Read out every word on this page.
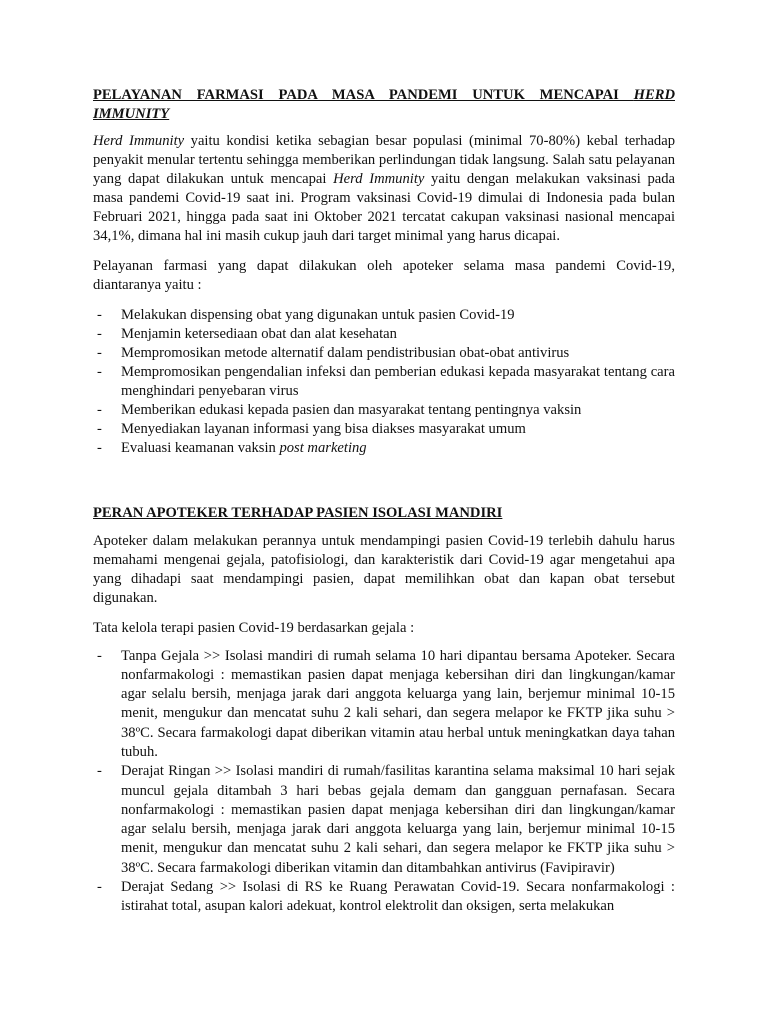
PELAYANAN FARMASI PADA MASA PANDEMI UNTUK MENCAPAI HERD IMMUNITY

Herd Immunity yaitu kondisi ketika sebagian besar populasi (minimal 70-80%) kebal terhadap penyakit menular tertentu sehingga memberikan perlindungan tidak langsung. Salah satu pelayanan yang dapat dilakukan untuk mencapai Herd Immunity yaitu dengan melakukan vaksinasi pada masa pandemi Covid-19 saat ini. Program vaksinasi Covid-19 dimulai di Indonesia pada bulan Februari 2021, hingga pada saat ini Oktober 2021 tercatat cakupan vaksinasi nasional mencapai 34,1%, dimana hal ini masih cukup jauh dari target minimal yang harus dicapai.

Pelayanan farmasi yang dapat dilakukan oleh apoteker selama masa pandemi Covid-19, diantaranya yaitu :

- Melakukan dispensing obat yang digunakan untuk pasien Covid-19
- Menjamin ketersediaan obat dan alat kesehatan
- Mempromosikan metode alternatif dalam pendistribusian obat-obat antivirus
- Mempromosikan pengendalian infeksi dan pemberian edukasi kepada masyarakat tentang cara menghindari penyebaran virus
- Memberikan edukasi kepada pasien dan masyarakat tentang pentingnya vaksin
- Menyediakan layanan informasi yang bisa diakses masyarakat umum
- Evaluasi keamanan vaksin post marketing
PERAN APOTEKER TERHADAP PASIEN ISOLASI MANDIRI

Apoteker dalam melakukan perannya untuk mendampingi pasien Covid-19 terlebih dahulu harus memahami mengenai gejala, patofisiologi, dan karakteristik dari Covid-19 agar mengetahui apa yang dihadapi saat mendampingi pasien, dapat memilihkan obat dan kapan obat tersebut digunakan.

Tata kelola terapi pasien Covid-19 berdasarkan gejala :

- Tanpa Gejala >> Isolasi mandiri di rumah selama 10 hari dipantau bersama Apoteker. Secara nonfarmakologi : memastikan pasien dapat menjaga kebersihan diri dan lingkungan/kamar agar selalu bersih, menjaga jarak dari anggota keluarga yang lain, berjemur minimal 10-15 menit, mengukur dan mencatat suhu 2 kali sehari, dan segera melapor ke FKTP jika suhu > 38ºC. Secara farmakologi dapat diberikan vitamin atau herbal untuk meningkatkan daya tahan tubuh.
- Derajat Ringan >> Isolasi mandiri di rumah/fasilitas karantina selama maksimal 10 hari sejak muncul gejala ditambah 3 hari bebas gejala demam dan gangguan pernafasan. Secara nonfarmakologi : memastikan pasien dapat menjaga kebersihan diri dan lingkungan/kamar agar selalu bersih, menjaga jarak dari anggota keluarga yang lain, berjemur minimal 10-15 menit, mengukur dan mencatat suhu 2 kali sehari, dan segera melapor ke FKTP jika suhu > 38ºC. Secara farmakologi diberikan vitamin dan ditambahkan antivirus (Favipiravir)
- Derajat Sedang >> Isolasi di RS ke Ruang Perawatan Covid-19. Secara nonfarmakologi : istirahat total, asupan kalori adekuat, kontrol elektrolit dan oksigen, serta melakukan
